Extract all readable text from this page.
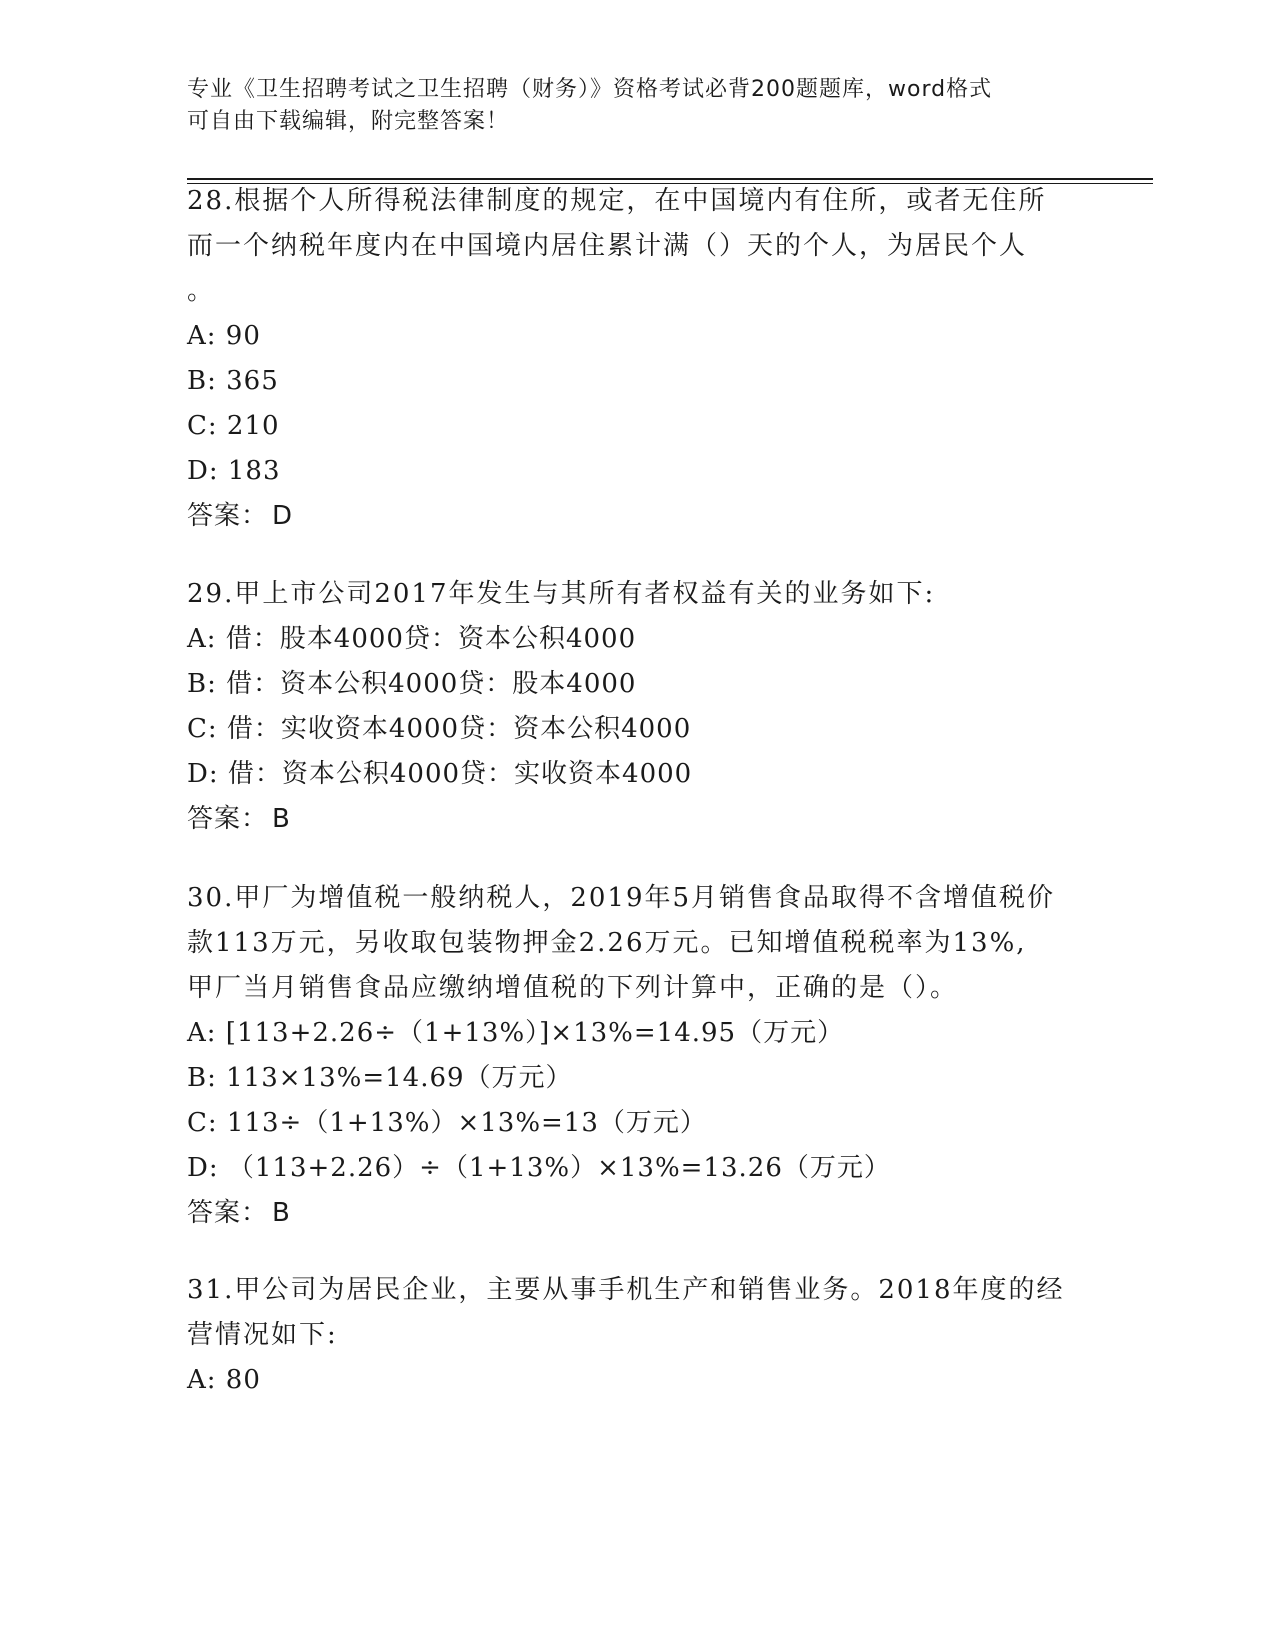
专业《卫生招聘考试之卫生招聘（财务）》资格考试必背200题题库，word格式
可自由下载编辑，附完整答案！
28.根据个人所得税法律制度的规定，在中国境内有住所，或者无住所
而一个纳税年度内在中国境内居住累计满（）天的个人，为居民个人
。
A: 90
B: 365
C: 210
D: 183
答案： D
29.甲上市公司2017年发生与其所有者权益有关的业务如下:
A: 借：股本4000贷：资本公积4000
B: 借：资本公积4000贷：股本4000
C: 借：实收资本4000贷：资本公积4000
D: 借：资本公积4000贷：实收资本4000
答案： B
30.甲厂为增值税一般纳税人，2019年5月销售食品取得不含增值税价
款113万元，另收取包装物押金2.26万元。已知增值税税率为13%,
甲厂当月销售食品应缴纳增值税的下列计算中，正确的是（）。
A: [113+2.26÷（1+13%）]×13%=14.95（万元）
B: 113×13%=14.69（万元）
C: 113÷（1+13%）×13%=13（万元）
D: （113+2.26）÷（1+13%）×13%=13.26（万元）
答案： B
31.甲公司为居民企业，主要从事手机生产和销售业务。2018年度的经
营情况如下:
A: 80
